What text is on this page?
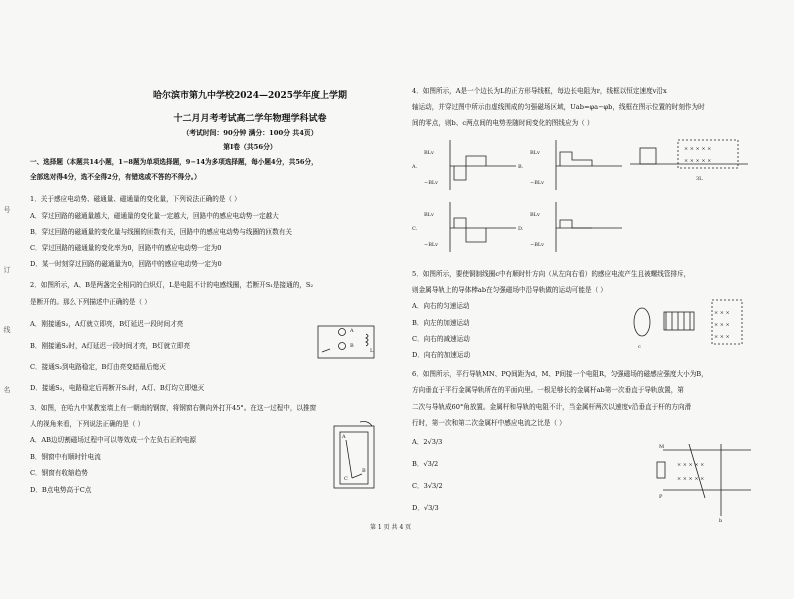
号
订
线
名
哈尔滨市第九中学校2024—2025学年度上学期
十二月月考考试高二学年物理学科试卷
（考试时间：90分钟 满分：100分 共4页）
第Ⅰ卷（共56分）
一、选择题（本题共14小题，1−8题为单项选择题，9−14为多项选择题，每小题4分，共56分，
全部选对得4分，选不全得2分，有错选或不答的不得分。）
1．关于感应电动势、磁通量、磁通量的变化量，下列说法正确的是（ ）
A．穿过回路的磁通量越大，磁通量的变化量一定越大，回路中的感应电动势一定越大
B．穿过回路的磁通量的变化量与线圈的匝数有关，回路中的感应电动势与线圈的匝数有关
C．穿过回路的磁通量的变化率为0，回路中的感应电动势一定为0
D．某一时刻穿过回路的磁通量为0，回路中的感应电动势一定为0
2．如图所示，A、B是两盏完全相同的白炽灯，L是电阻不计的电感线圈，若断开S₁是接通的，S₂
是断开的。那么下列描述中正确的是（ ）
A．刚接通S₂，A灯就立即亮，B灯延迟一段时间才亮
B．刚接通S₂时，A灯延迟一段时间才亮，B灯就立即亮
C．接通S₂到电路稳定，B灯由亮变暗最后熄灭
D．接通S₂，电路稳定后再断开S₂时，A灯、B灯均立即熄灭
3．如图，在哈九中某教室墙上有一朝南的钢窗，将钢窗右侧向外打开45°。在这一过程中，以推窗
人的视角来看，下列说法正确的是（ ）
A．AB边切割磁场过程中可以等效成一个左负右正的电源
B．钢窗中有顺时针电流
C．钢窗有收缩趋势
D．B点电势高于C点
A
B
L
A
C
B
4．如图所示，A是一个边长为L的正方形导线框，每边长电阻为r，线框以恒定速度v沿x
轴运动，并穿过图中所示由虚线围成的匀强磁场区域，Uab=φa−φb，线框在图示位置的时刻作为时
间的零点，则b、c两点间的电势差随时间变化的图线应为（ ）
A.
BLv
−BLv
B.
BLv
−BLv
× × × × ×
× × × × ×
3L
C.
BLv
−BLv
D.
BLv
−BLv
5．如图所示，要使铜制线圈c中有顺时针方向（从左向右看）的感应电流产生且被螺线管排斥，
则金属导轨上的导体棒ab在匀强磁场中沿导轨做的运动可能是（ ）
A．向右的匀速运动
B．向左的加速运动
C．向右的减速运动
D．向右的加速运动
× × ×
× × ×
× × ×
c
6．如图所示，平行导轨MN、PQ间距为d，M、P间接一个电阻R，匀强磁场的磁感应强度大小为B，
方向垂直于平行金属导轨所在的平面向里。一根足够长的金属杆ab第一次垂直于导轨放置，第
二次与导轨成60°角放置。金属杆和导轨的电阻不计，当金属杆两次以速度v沿垂直于杆的方向滑
行时，第一次和第二次金属杆中感应电流之比是（ ）
A．2√3/3
B．√3/2
C．3√3/2
D．√3/3
× × × × ×
× × × × ×
M
P
b
第 1 页 共 4 页
